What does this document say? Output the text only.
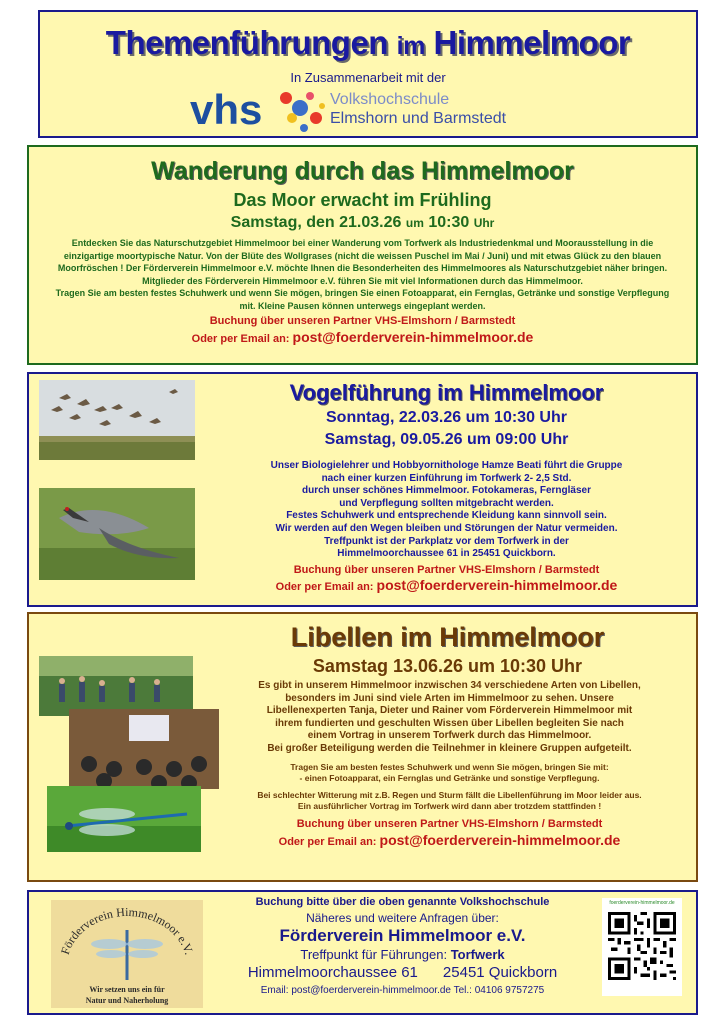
Themenführungen im Himmelmoor
In Zusammenarbeit mit der
vhs	Volkshochschule
Elmshorn und Barmstedt
Wanderung durch das Himmelmoor
Das Moor erwacht im Frühling
Samstag, den 21.03.26 um 10:30 Uhr
Entdecken Sie das Naturschutzgebiet Himmelmoor bei einer Wanderung vom Torfwerk als Industriedenkmal und Moorausstellung in die einzigartige moortypische Natur. Von der Blüte des Wollgrases (nicht die weissen Puschel im Mai / Juni) und mit etwas Glück zu den blauen Moorfröschen ! Der Förderverein Himmelmoor e.V. möchte Ihnen die Besonderheiten des Himmelmoores als Naturschutzgebiet näher bringen. Mitglieder des Förderverein Himmelmoor e.V. führen Sie mit viel Informationen durch das Himmelmoor.
Tragen Sie am besten festes Schuhwerk und wenn Sie mögen, bringen Sie einen Fotoapparat, ein Fernglas, Getränke und sonstige Verpflegung mit. Kleine Pausen können unterwegs eingeplant werden.
Buchung über unseren Partner VHS-Elmshorn / Barmstedt
Oder per Email an: post@foerderverein-himmelmoor.de
Vogelführung im Himmelmoor
Sonntag, 22.03.26 um 10:30 Uhr
Samstag, 09.05.26 um 09:00 Uhr
Unser Biologielehrer und Hobbyornithologe Hamze Beati führt die Gruppe
nach einer kurzen Einführung im Torfwerk 2- 2,5 Std.
durch unser schönes Himmelmoor. Fotokameras, Ferngläser
und Verpflegung sollten mitgebracht werden.
Festes Schuhwerk und entsprechende Kleidung kann sinnvoll sein.
Wir werden auf den Wegen bleiben und Störungen der Natur vermeiden.
Treffpunkt ist der Parkplatz vor dem Torfwerk in der
Himmelmoorchaussee 61 in 25451 Quickborn.
Buchung über unseren Partner VHS-Elmshorn / Barmstedt
Oder per Email an: post@foerderverein-himmelmoor.de
Libellen im Himmelmoor
Samstag 13.06.26 um 10:30 Uhr

Es gibt in unserem Himmelmoor inzwischen 34 verschiedene Arten von Libellen,

besonders im Juni sind viele Arten im Himmelmoor zu sehen. Unsere

Libellenexperten Tanja, Dieter und Rainer vom Förderverein Himmelmoor mit

ihrem fundierten und geschulten Wissen über Libellen begleiten Sie nach

einem Vortrag in unserem Torfwerk durch das Himmelmoor.

Bei großer Beteiligung werden die Teilnehmer in kleinere Gruppen aufgeteilt.

Tragen Sie am besten festes Schuhwerk und wenn Sie mögen, bringen Sie mit:

- einen Fotoapparat, ein Fernglas und Getränke und sonstige Verpflegung.

Bei schlechter Witterung mit z.B. Regen und Sturm fällt die Libellenführung im Moor leider aus.

Ein ausführlicher Vortrag im Torfwerk wird dann aber trotzdem stattfinden !

Buchung über unseren Partner VHS-Elmshorn / Barmstedt

Oder per Email an: post@foerderverein-himmelmoor.de

Förderverein Himmelmoor e.V.
Wir setzen uns ein für
Natur und Naherholung
Buchung bitte über die oben genannte Volkshochschule
Näheres und weitere Anfragen über:
Förderverein Himmelmoor e.V.
Treffpunkt für Führungen: Torfwerk
Himmelmoorchaussee 61 25451 Quickborn
Email: post@foerderverein-himmelmoor.de Tel.: 04106 9757275
foerderverein-himmelmoor.de
